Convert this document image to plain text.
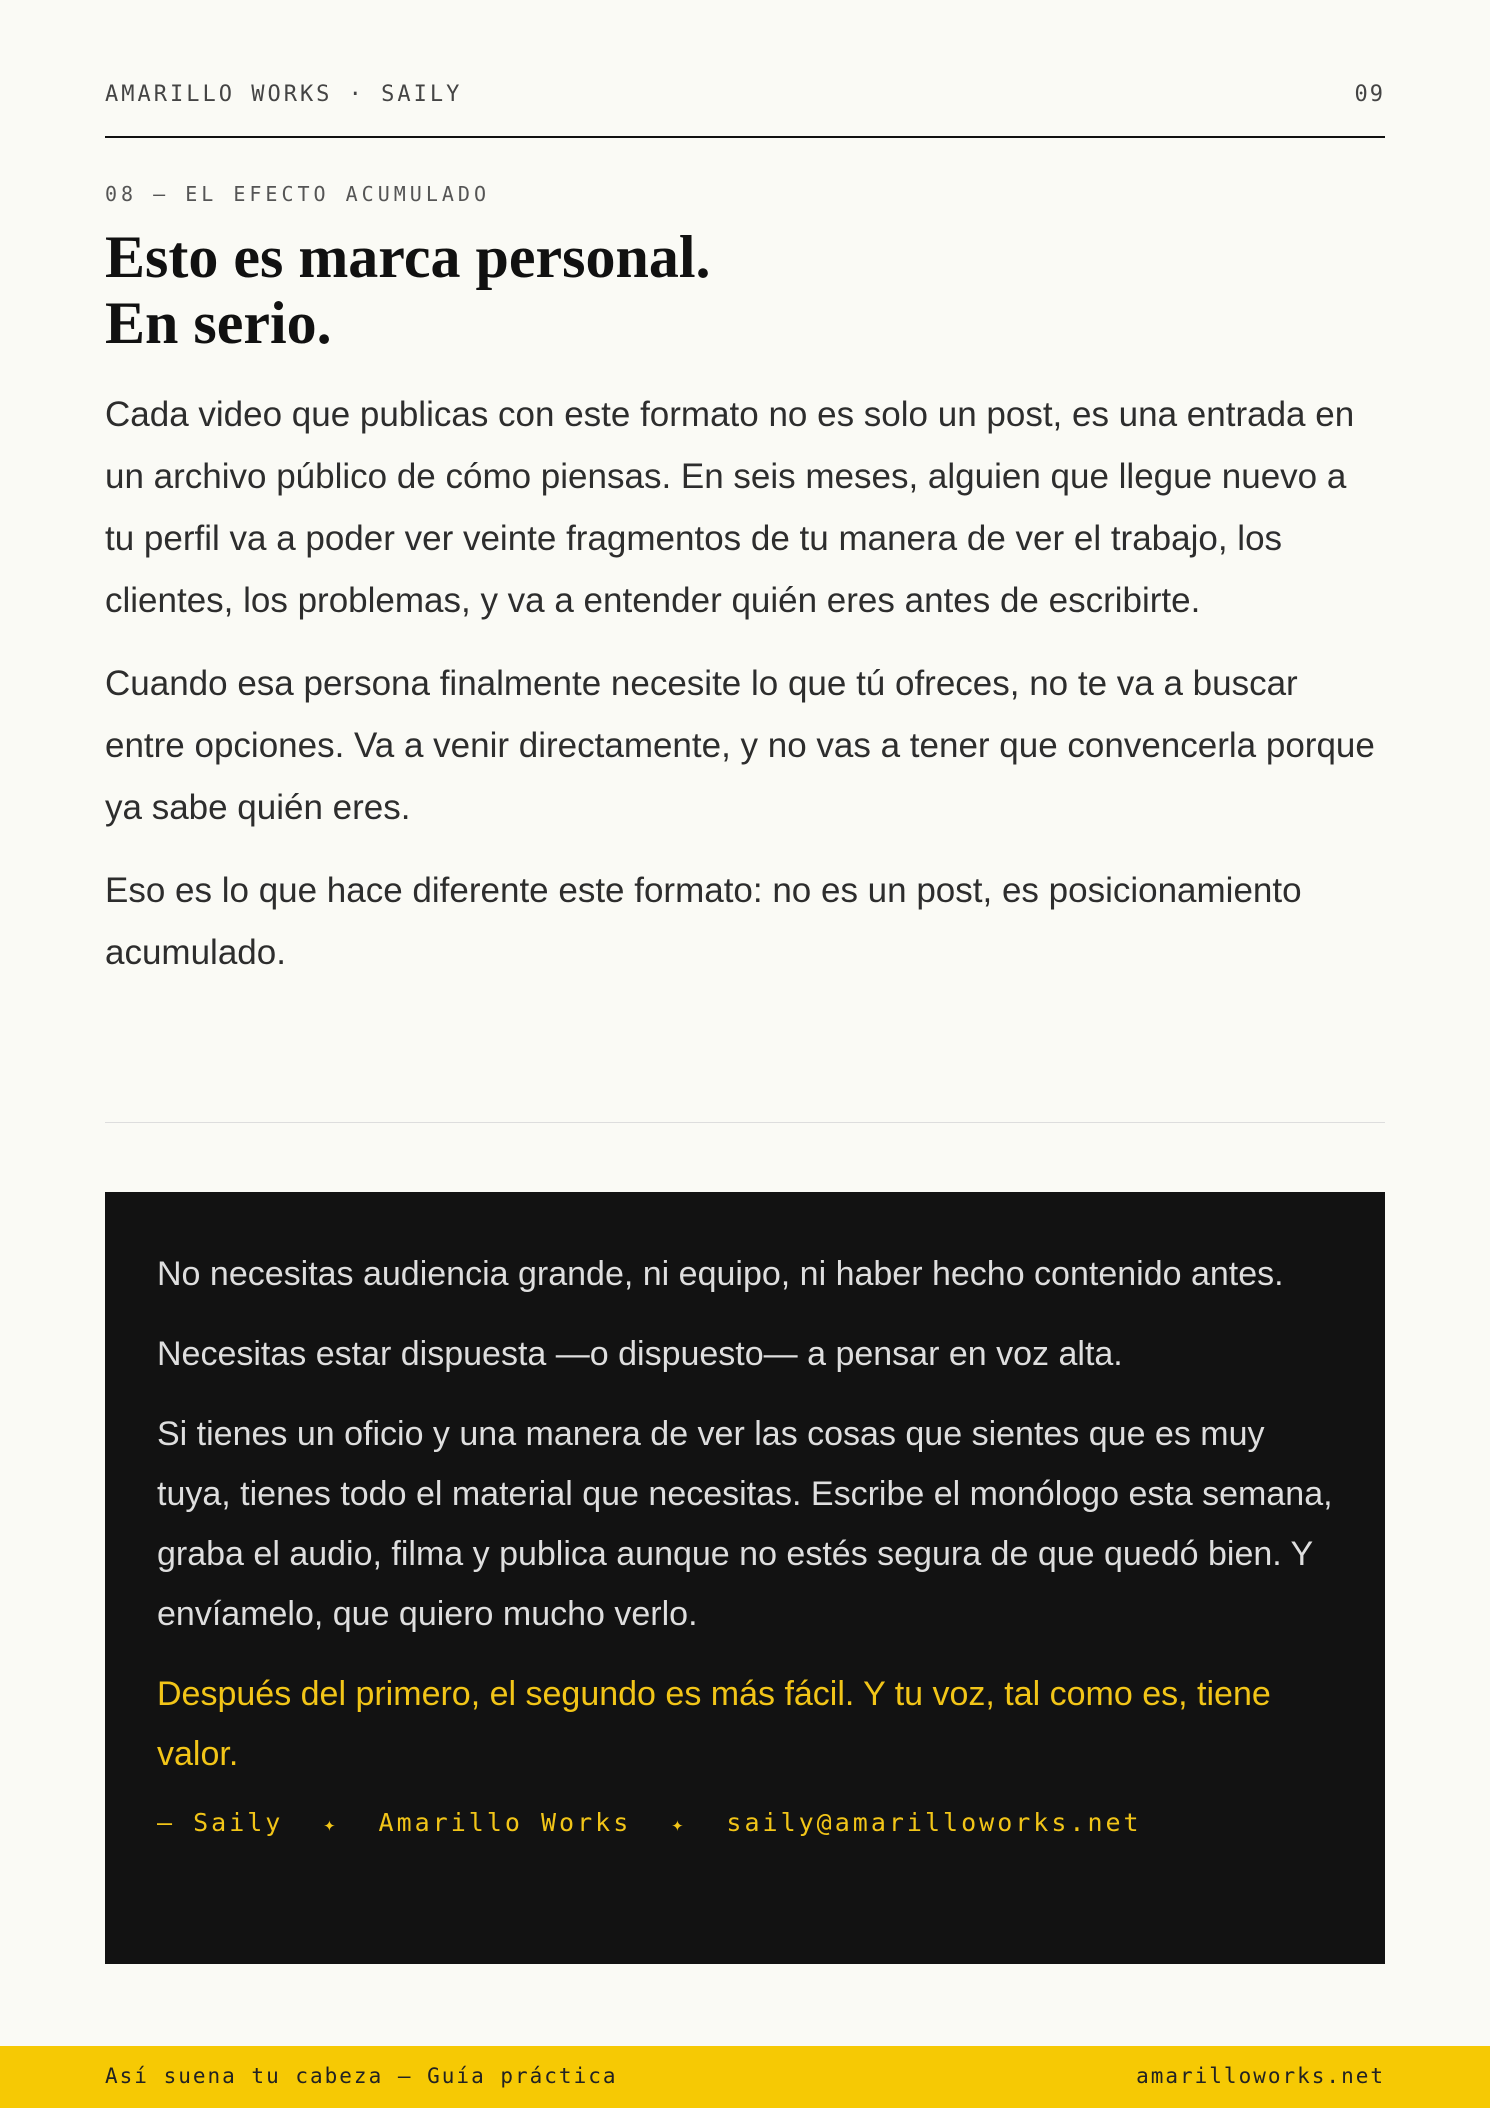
AMARILLO WORKS · SAILY	09
08 — EL EFECTO ACUMULADO
Esto es marca personal.
En serio.

Cada video que publicas con este formato no es solo un post, es una entrada en un archivo público de cómo piensas. En seis meses, alguien que llegue nuevo a tu perfil va a poder ver veinte fragmentos de tu manera de ver el trabajo, los clientes, los problemas, y va a entender quién eres antes de escribirte.

Cuando esa persona finalmente necesite lo que tú ofreces, no te va a buscar entre opciones. Va a venir directamente, y no vas a tener que convencerla porque ya sabe quién eres.

Eso es lo que hace diferente este formato: no es un post, es posicionamiento acumulado.

No necesitas audiencia grande, ni equipo, ni haber hecho contenido antes.

Necesitas estar dispuesta —o dispuesto— a pensar en voz alta.

Si tienes un oficio y una manera de ver las cosas que sientes que es muy tuya, tienes todo el material que necesitas. Escribe el monólogo esta semana, graba el audio, filma y publica aunque no estés segura de que quedó bien. Y envíamelo, que quiero mucho verlo.

Después del primero, el segundo es más fácil. Y tu voz, tal como es, tiene valor.

— Saily ✦ Amarillo Works ✦ saily@amarilloworks.net
Así suena tu cabeza — Guía práctica	amarilloworks.net
